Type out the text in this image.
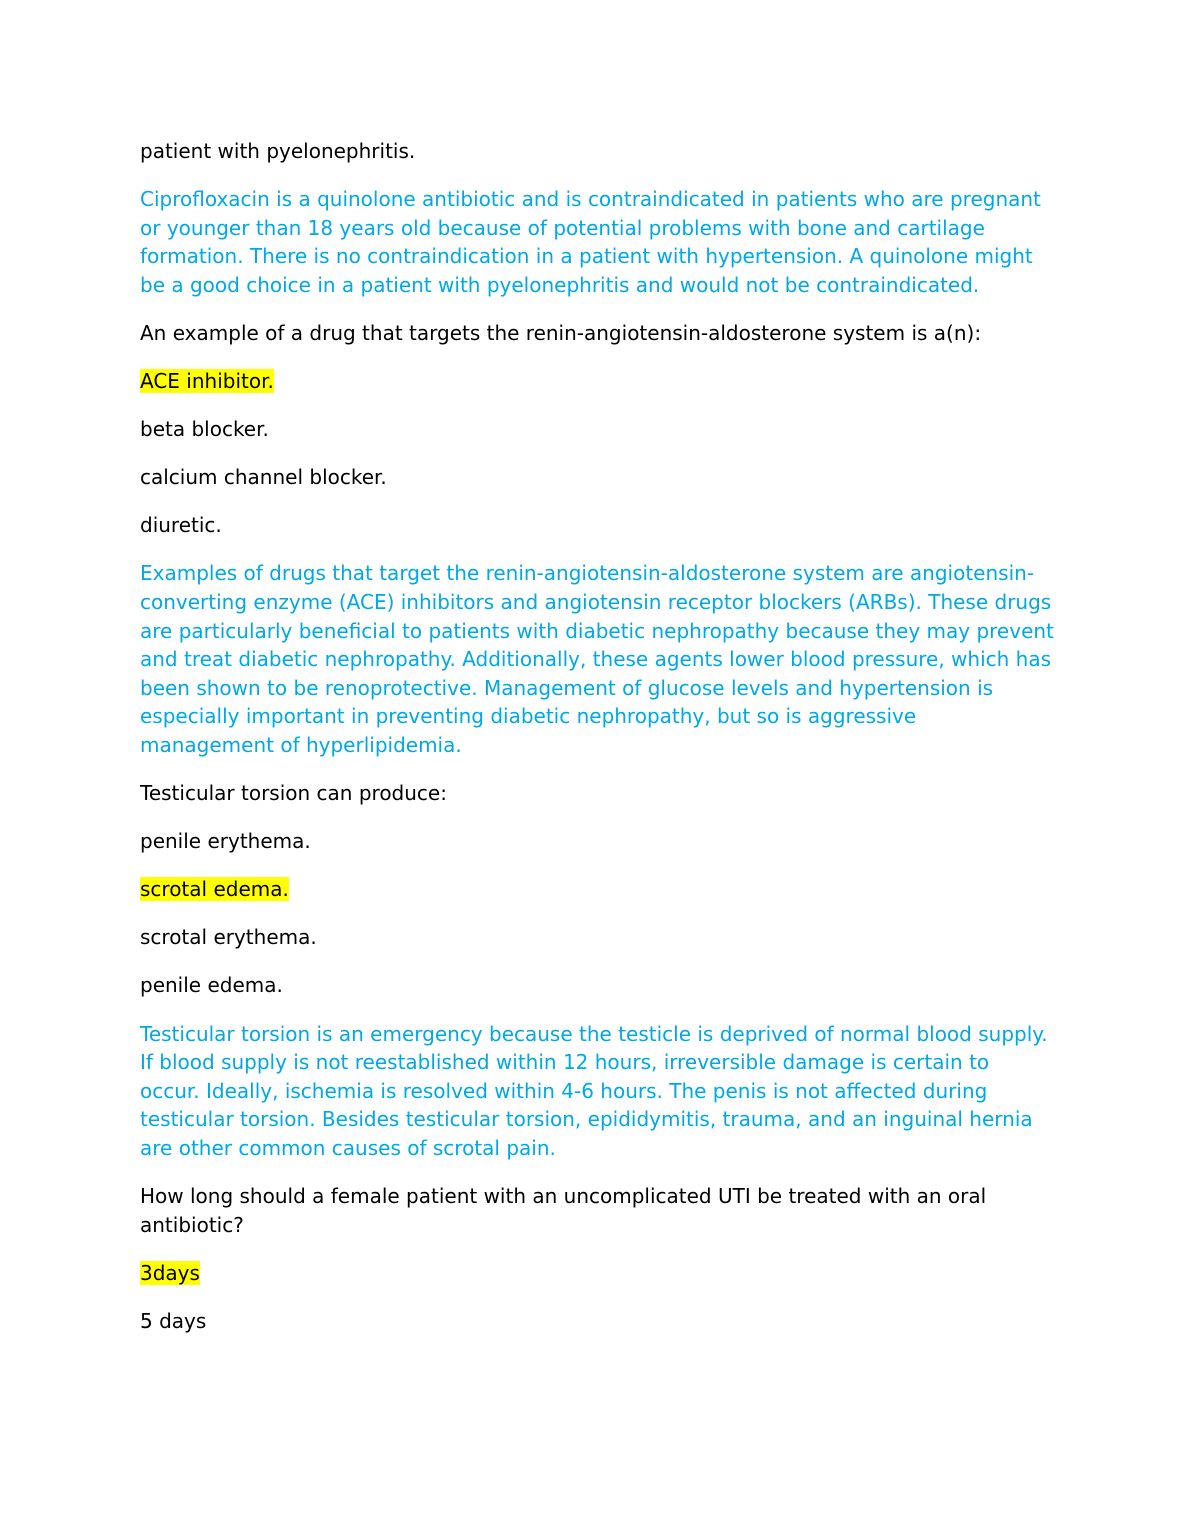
patient with pyelonephritis.

Ciprofloxacin is a quinolone antibiotic and is contraindicated in patients who are pregnant or younger than 18 years old because of potential problems with bone and cartilage formation. There is no contraindication in a patient with hypertension. A quinolone might be a good choice in a patient with pyelonephritis and would not be contraindicated.

An example of a drug that targets the renin-angiotensin-aldosterone system is a(n):

ACE inhibitor.

beta blocker.

calcium channel blocker.

diuretic.

Examples of drugs that target the renin-angiotensin-aldosterone system are angiotensin-converting enzyme (ACE) inhibitors and angiotensin receptor blockers (ARBs). These drugs are particularly beneficial to patients with diabetic nephropathy because they may prevent and treat diabetic nephropathy. Additionally, these agents lower blood pressure, which has been shown to be renoprotective. Management of glucose levels and hypertension is especially important in preventing diabetic nephropathy, but so is aggressive management of hyperlipidemia.

Testicular torsion can produce:

penile erythema.

scrotal edema.

scrotal erythema.

penile edema.

Testicular torsion is an emergency because the testicle is deprived of normal blood supply. If blood supply is not reestablished within 12 hours, irreversible damage is certain to occur. Ideally, ischemia is resolved within 4-6 hours. The penis is not affected during testicular torsion. Besides testicular torsion, epididymitis, trauma, and an inguinal hernia are other common causes of scrotal pain.

How long should a female patient with an uncomplicated UTI be treated with an oral antibiotic?

3days

5 days
